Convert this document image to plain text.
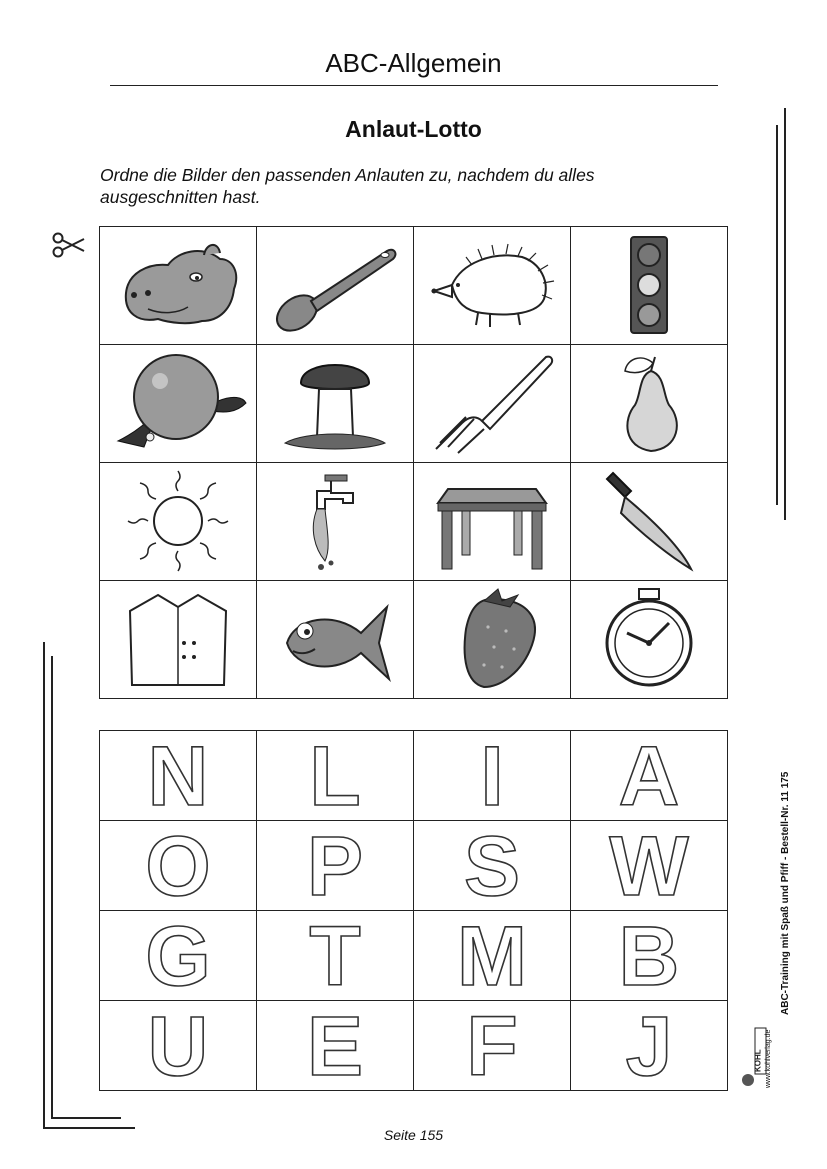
ABC-Allgemein
Anlaut-Lotto
Ordne die Bilder den passenden Anlauten zu, nachdem du alles ausgeschnitten hast.

N	L	I	A

O	P	S	W

G	T	M	B

U	E	F	J
ABC-Training mit Spaß und Pfiff - Bestell-Nr. 11 175
KOHL www.kohlverlag.de
Seite 155
